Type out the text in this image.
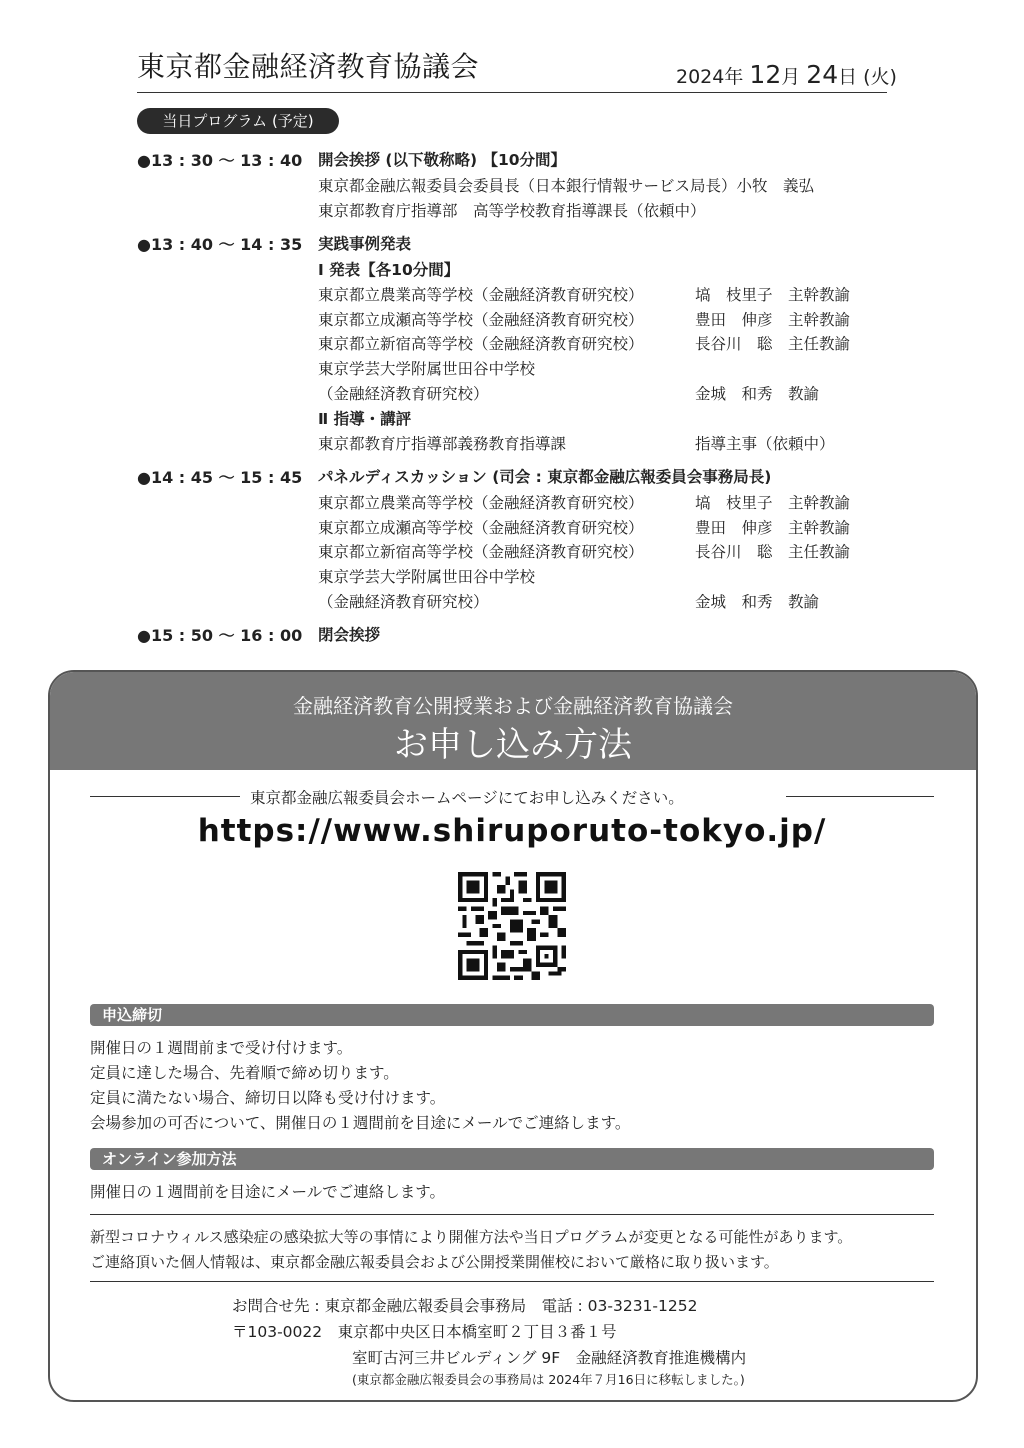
東京都金融経済教育協議会	2024年 12月 24日 (火)
当日プログラム (予定)
●13 : 30 ～ 13 : 40 開会挨拶 (以下敬称略) 【10分間】
東京都金融広報委員会委員長（日本銀行情報サービス局長）小牧　義弘
東京都教育庁指導部　高等学校教育指導課長（依頼中）
●13 : 40 ～ 14 : 35 実践事例発表
Ⅰ 発表【各10分間】
東京都立農業高等学校（金融経済教育研究校）	塙　枝里子　主幹教諭
東京都立成瀬高等学校（金融経済教育研究校）	豊田　伸彦　主幹教諭
東京都立新宿高等学校（金融経済教育研究校）	長谷川　聡　主任教諭
東京学芸大学附属世田谷中学校
（金融経済教育研究校）	金城　和秀　教諭
Ⅱ 指導・講評
東京都教育庁指導部義務教育指導課	指導主事（依頼中）
●14 : 45 ～ 15 : 45 パネルディスカッション (司会 : 東京都金融広報委員会事務局長)
東京都立農業高等学校（金融経済教育研究校）	塙　枝里子　主幹教諭
東京都立成瀬高等学校（金融経済教育研究校）	豊田　伸彦　主幹教諭
東京都立新宿高等学校（金融経済教育研究校）	長谷川　聡　主任教諭
東京学芸大学附属世田谷中学校
（金融経済教育研究校）	金城　和秀　教諭
●15 : 50 ～ 16 : 00 閉会挨拶
金融経済教育公開授業および金融経済教育協議会
お申し込み方法
東京都金融広報委員会ホームページにてお申し込みください。
https://www.shiruporuto-tokyo.jp/
申込締切
開催日の１週間前まで受け付けます。
定員に達した場合、先着順で締め切ります。
定員に満たない場合、締切日以降も受け付けます。
会場参加の可否について、開催日の１週間前を目途にメールでご連絡します。
オンライン参加方法
開催日の１週間前を目途にメールでご連絡します。
新型コロナウィルス感染症の感染拡大等の事情により開催方法や当日プログラムが変更となる可能性があります。
ご連絡頂いた個人情報は、東京都金融広報委員会および公開授業開催校において厳格に取り扱います。
お問合せ先 : 東京都金融広報委員会事務局　電話 : 03-3231-1252
〒103-0022　東京都中央区日本橋室町２丁目３番１号
室町古河三井ビルディング 9F　金融経済教育推進機構内
(東京都金融広報委員会の事務局は 2024年７月16日に移転しました。)
